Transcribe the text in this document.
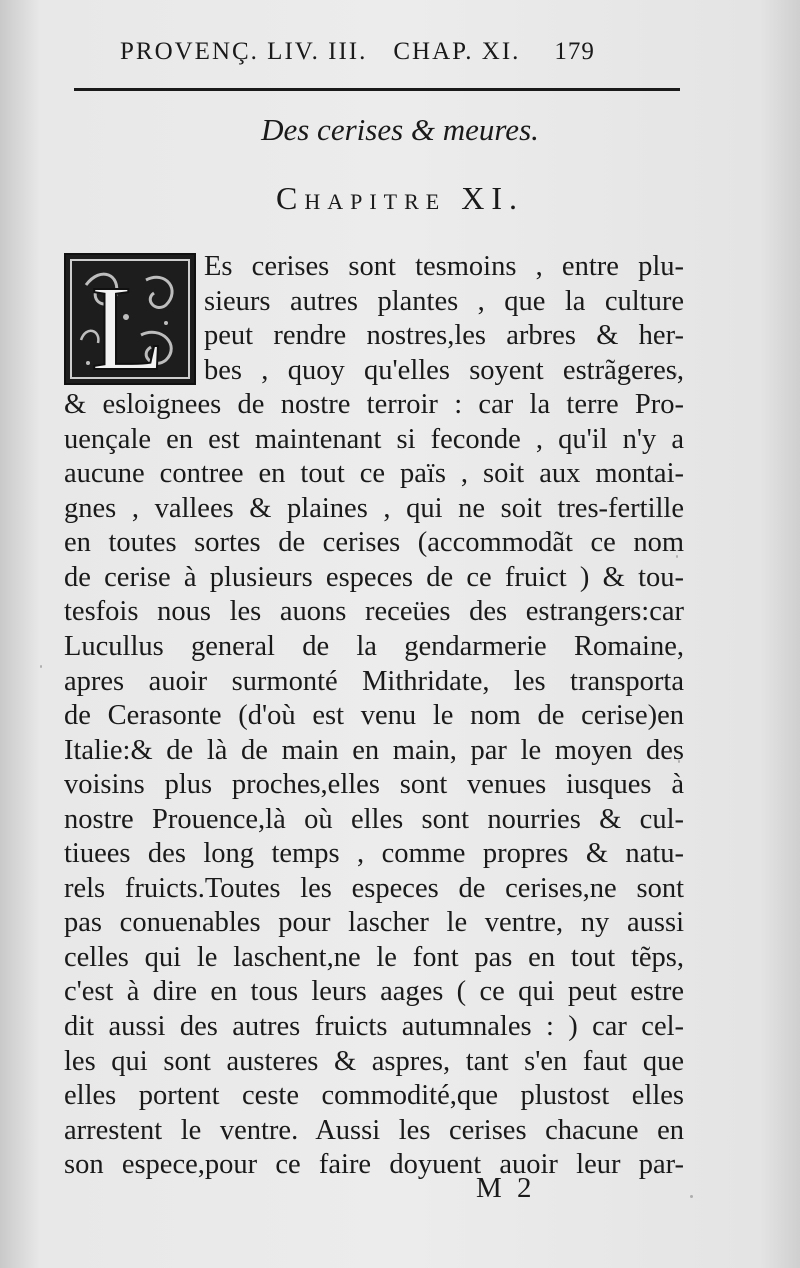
PROVENÇ. LIV. III. CHAP. XI. 179
Des cerises & meures.
Chapitre XI.
L	Es cerises sont tesmoins , entre plu-
sieurs autres plantes , que la culture
peut rendre nostres,les arbres & her-
bes , quoy qu'elles soyent estrãgeres,
& esloignees de nostre terroir : car la terre Pro-
uençale en est maintenant si feconde , qu'il n'y a
aucune contree en tout ce païs , soit aux montai-
gnes , vallees & plaines , qui ne soit tres-fertille
en toutes sortes de cerises (accommodãt ce nom
de cerise à plusieurs especes de ce fruict ) & tou-
tesfois nous les auons receües des estrangers:car
Lucullus general de la gendarmerie Romaine,
apres auoir surmonté Mithridate, les transporta
de Cerasonte (d'où est venu le nom de cerise)en
Italie:& de là de main en main, par le moyen des
voisins plus proches,elles sont venues iusques à
nostre Prouence,là où elles sont nourries & cul-
tiuees des long temps , comme propres & natu-
rels fruicts.Toutes les especes de cerises,ne sont
pas conuenables pour lascher le ventre, ny aussi
celles qui le laschent,ne le font pas en tout tẽps,
c'est à dire en tous leurs aages ( ce qui peut estre
dit aussi des autres fruicts autumnales : ) car cel-
les qui sont austeres & aspres, tant s'en faut que
elles portent ceste commodité,que plustost elles
arrestent le ventre. Aussi les cerises chacune en
son espece,pour ce faire doyuent auoir leur par-
M 2
